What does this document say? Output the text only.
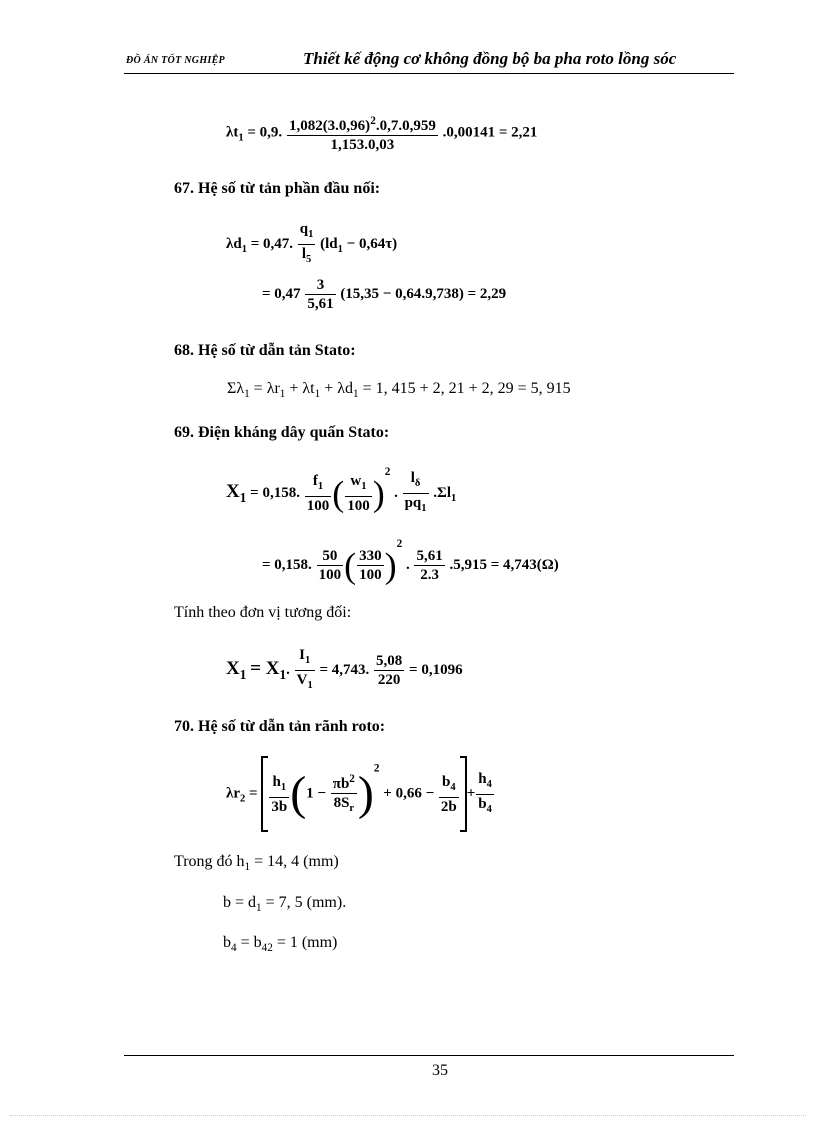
ĐỒ ÁN TỐT NGHIỆP	Thiết kế động cơ không đồng bộ ba pha roto lồng sóc
$\lambda t_1 = 0,9$. $\frac{1,082(3.0,96)^2.0,7.0,959}{1,153.0,03} .0,00141 = 2,21$
67. Hệ số từ tản phần đầu nối:
$\lambda d_1 = 0,47$. $\frac{q_1}{l_5} (ld_1 - 0,64\tau)$
= $0,47 \frac{3}{5,61} (15,35 - 0,64.9,738) = 2,29$
68. Hệ số từ dẫn tản Stato:
$\Sigma\lambda_1 = \lambda r_1 + \lambda t_1 + \lambda d_1 = 1$, 415 + 2, 21 + 2, 29 = 5, 915
69. Điện kháng dây quấn Stato:
$X_1 = 0,158$. $\frac{f_1}{100}$ ( $\frac{w_1}{100} )^2$ . $\frac{l_\delta}{pq_1} .\Sigma l_1$
= 0,158. $\frac{50}{100}$ ( $\frac{330}{100} )^2$ . $\frac{5,61}{2.3} .5,915 = 4,743(\Omega)$
Tính theo đơn vị tương đối:
$X_1 = X_1$. $\frac{I_1}{V_1} = 4,743$. $\frac{5,08}{220} = 0,1096$
70. Hệ số từ dẫn tản rãnh roto:
$\lambda r_2 = \frac{h_1}{3b} (1 - \frac{\pi b^2}{8S_r} )^2 + 0,66 - \frac{b_4}{2b} + \frac{h_4}{b_4}$
Trong đó $h_1 = 14$, 4 (mm)
$b = d_1 = 7$, 5 (mm).
$b_4 = b_{42} = 1$ (mm)
35
